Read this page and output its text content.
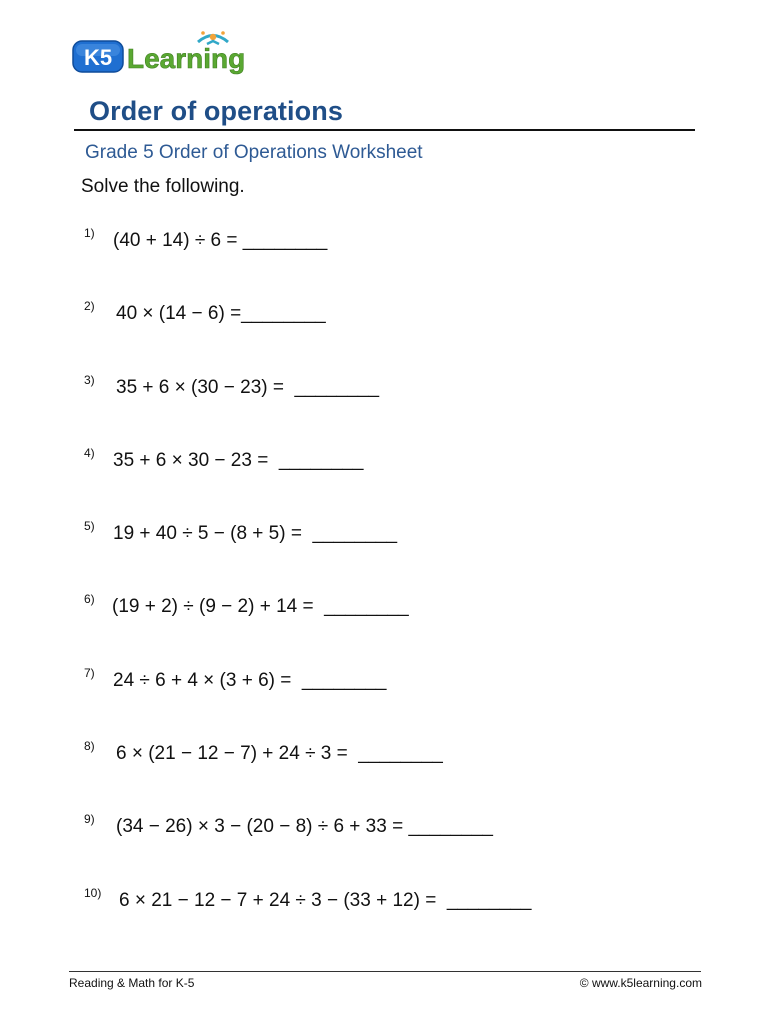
K5 Learning
Order of operations
Grade 5 Order of Operations Worksheet
Solve the following.
1) (40 + 14) ÷ 6 = ________
2) 40 × (14 − 6) =________
3) 35 + 6 × (30 − 23) =  ________
4) 35 + 6 × 30 − 23 =  ________
5) 19 + 40 ÷ 5 − (8 + 5) =  ________
6) (19 + 2) ÷ (9 − 2) + 14 =  ________
7) 24 ÷ 6 + 4 × (3 + 6) =  ________
8) 6 × (21 − 12 − 7) + 24 ÷ 3 =  ________
9) (34 − 26) × 3 − (20 − 8) ÷ 6 + 33 = ________
10) 6 × 21 − 12 − 7 + 24 ÷ 3 − (33 + 12) =  ________
Reading & Math for K-5	© www.k5learning.com
